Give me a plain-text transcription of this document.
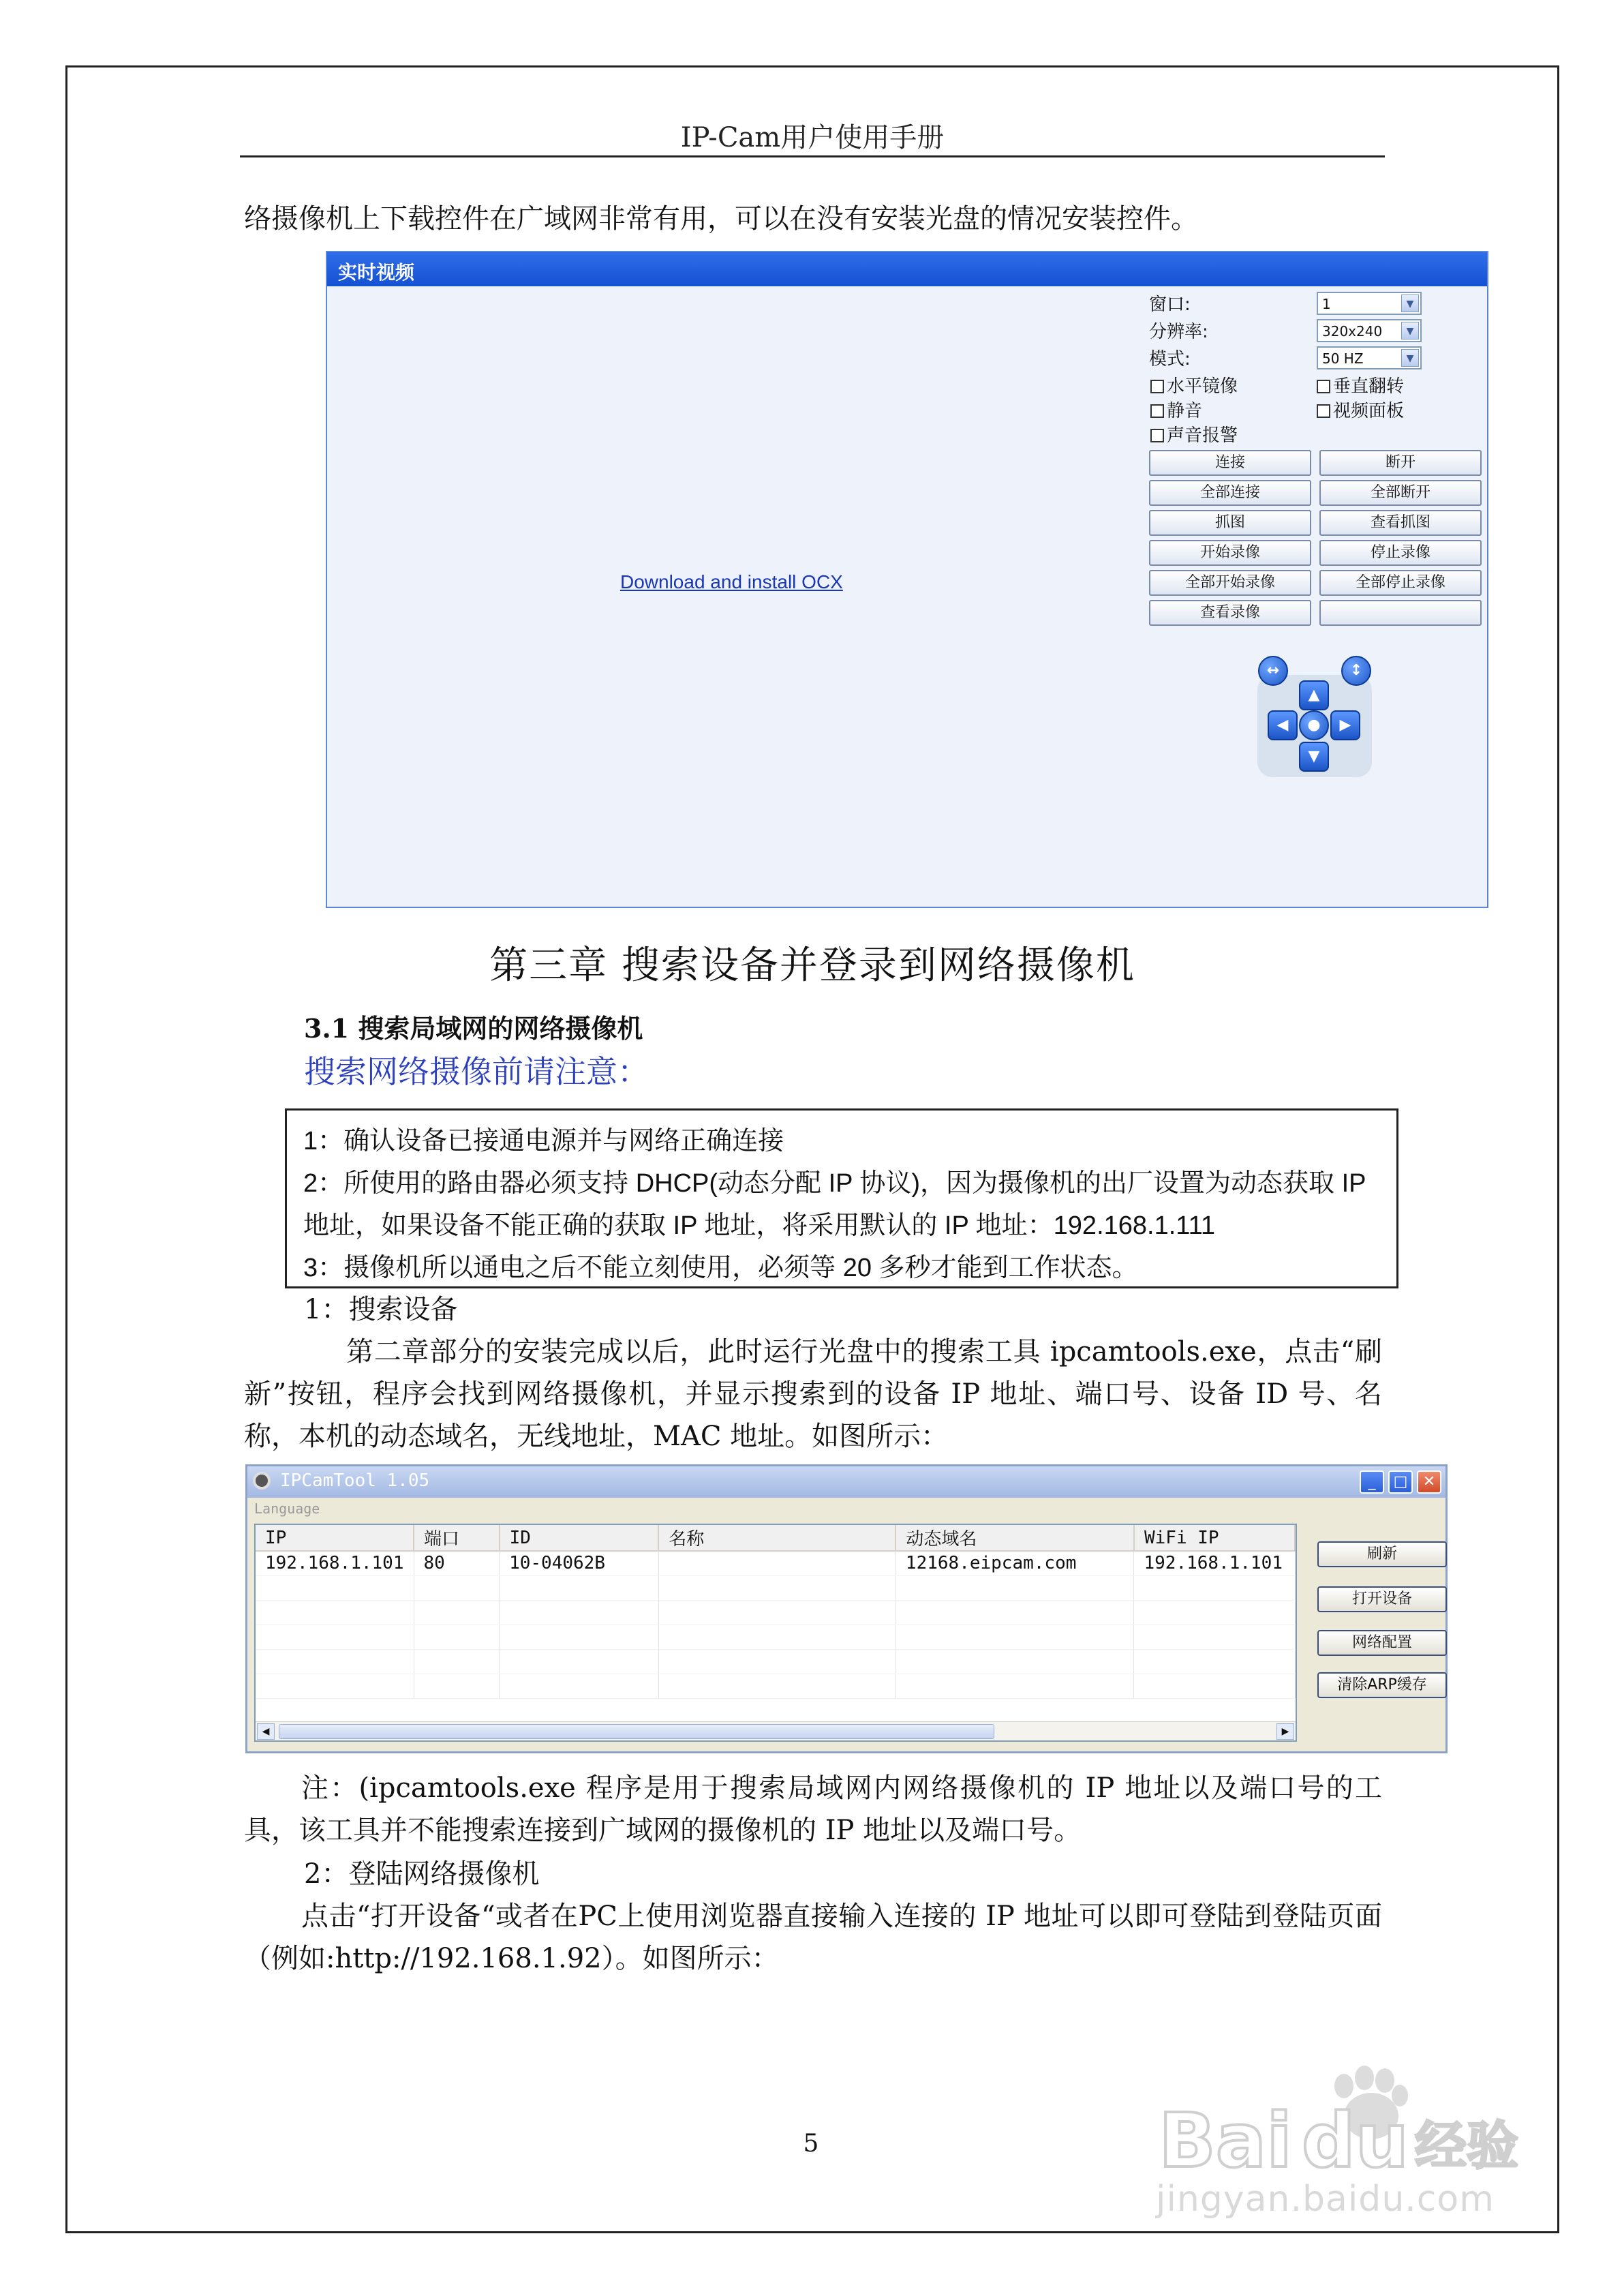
IP-Cam用户使用手册
络摄像机上下载控件在广域网非常有用，可以在没有安装光盘的情况安装控件。
实时视频
Download and install OCX
窗口:	1	▼
分辨率:	320x240	▼
模式:	50 HZ	▼
水平镜像	垂直翻转
静音	视频面板
声音报警
连接	断开
全部连接	全部断开
抓图	查看抓图
开始录像	停止录像
全部开始录像	全部停止录像
查看录像
↔	↕
▲
◀	●	▶
▼
第三章 搜索设备并登录到网络摄像机
3.1 搜索局域网的网络摄像机
搜索网络摄像前请注意：
1：确认设备已接通电源并与网络正确连接
2：所使用的路由器必须支持 DHCP(动态分配 IP 协议)，因为摄像机的出厂设置为动态获取 IP 地址，如果设备不能正确的获取 IP 地址，将采用默认的 IP 地址：192.168.1.111
3：摄像机所以通电之后不能立刻使用，必须等 20 多秒才能到工作状态。
1：搜索设备
第二章部分的安装完成以后，此时运行光盘中的搜索工具 ipcamtools.exe，点击“刷新”按钮，程序会找到网络摄像机，并显示搜索到的设备 IP 地址、端口号、设备 ID 号、名称，本机的动态域名，无线地址，MAC 地址。如图所示：
IPCamTool 1.05	_	□	✕
Language
IP	端口	ID	名称	动态域名	WiFi IP
192.168.1.101	80	10-04062B		12168.eipcam.com	192.168.1.101

◀	▶
刷新
打开设备
网络配置
清除ARP缓存
注：(ipcamtools.exe 程序是用于搜索局域网内网络摄像机的 IP 地址以及端口号的工具，该工具并不能搜索连接到广域网的摄像机的 IP 地址以及端口号。
2：登陆网络摄像机
点击“打开设备“或者在PC上使用浏览器直接输入连接的 IP 地址可以即可登陆到登陆页面（例如:http://192.168.1.92）。如图所示：
5	Bai du 经验
jingyan.baidu.com
